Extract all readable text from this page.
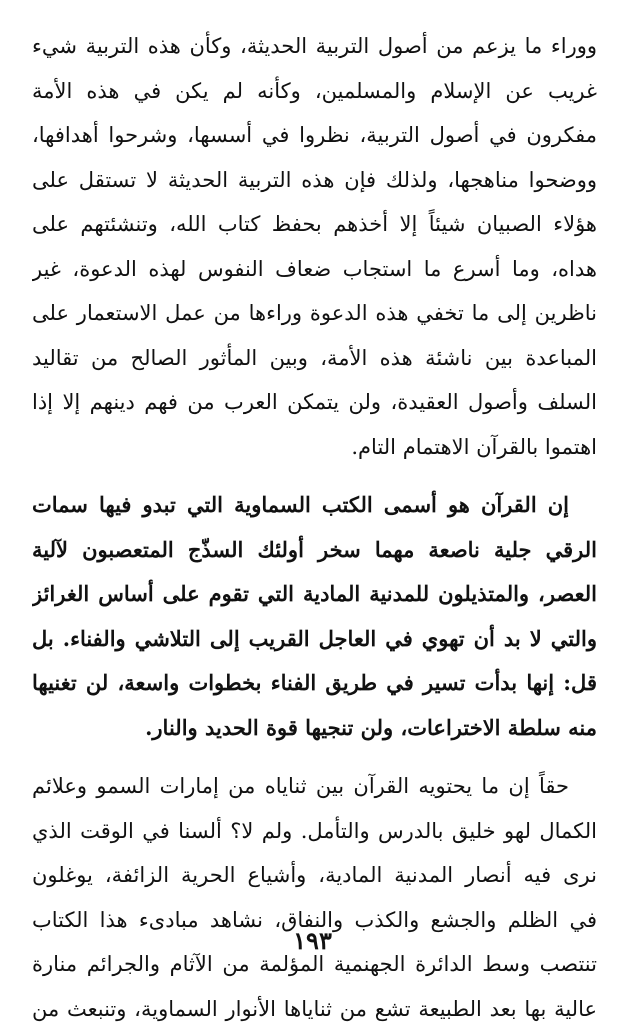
ووراء ما يزعم من أصول التربية الحديثة، وكأن هذه التربية شيء
غريب عن الإسلام والمسلمين، وكأنه لم يكن في هذه الأمة
مفكرون في أصول التربية، نظروا في أسسها، وشرحوا أهدافها،
ووضحوا مناهجها، ولذلك فإن هذه التربية الحديثة لا تستقل على
هؤلاء الصبيان شيئاً إلا أخذهم بحفظ كتاب الله، وتنشئتهم على
هداه، وما أسرع ما استجاب ضعاف النفوس لهذه الدعوة، غير
ناظرين إلى ما تخفي هذه الدعوة وراءها من عمل الاستعمار على
المباعدة بين ناشئة هذه الأمة، وبين المأثور الصالح من تقاليد
السلف وأصول العقيدة، ولن يتمكن العرب من فهم دينهم إلا إذا
اهتموا بالقرآن الاهتمام التام.
إن القرآن هو أسمى الكتب السماوية التي تبدو فيها سمات
الرقي جلية ناصعة مهما سخر أولئك السذّج المتعصبون لآلية
العصر، والمتذيلون للمدنية المادية التي تقوم على أساس الغرائز
والتي لا بد أن تهوي في العاجل القريب إلى التلاشي والفناء. بل
قل: إنها بدأت تسير في طريق الفناء بخطوات واسعة، لن تغنيها
منه سلطة الاختراعات، ولن تنجيها قوة الحديد والنار.
حقاً إن ما يحتويه القرآن بين ثناياه من إمارات السمو وعلائم
الكمال لهو خليق بالدرس والتأمل. ولم لا؟ ألسنا في الوقت الذي
نرى فيه أنصار المدنية المادية، وأشياع الحرية الزائفة، يوغلون
في الظلم والجشع والكذب والنفاق، نشاهد مبادىء هذا الكتاب
تنتصب وسط الدائرة الجهنمية المؤلمة من الآثام والجرائم منارة
عالية بها بعد الطبيعة تشع من ثناياها الأنوار السماوية، وتنبعث من
١٩٣
